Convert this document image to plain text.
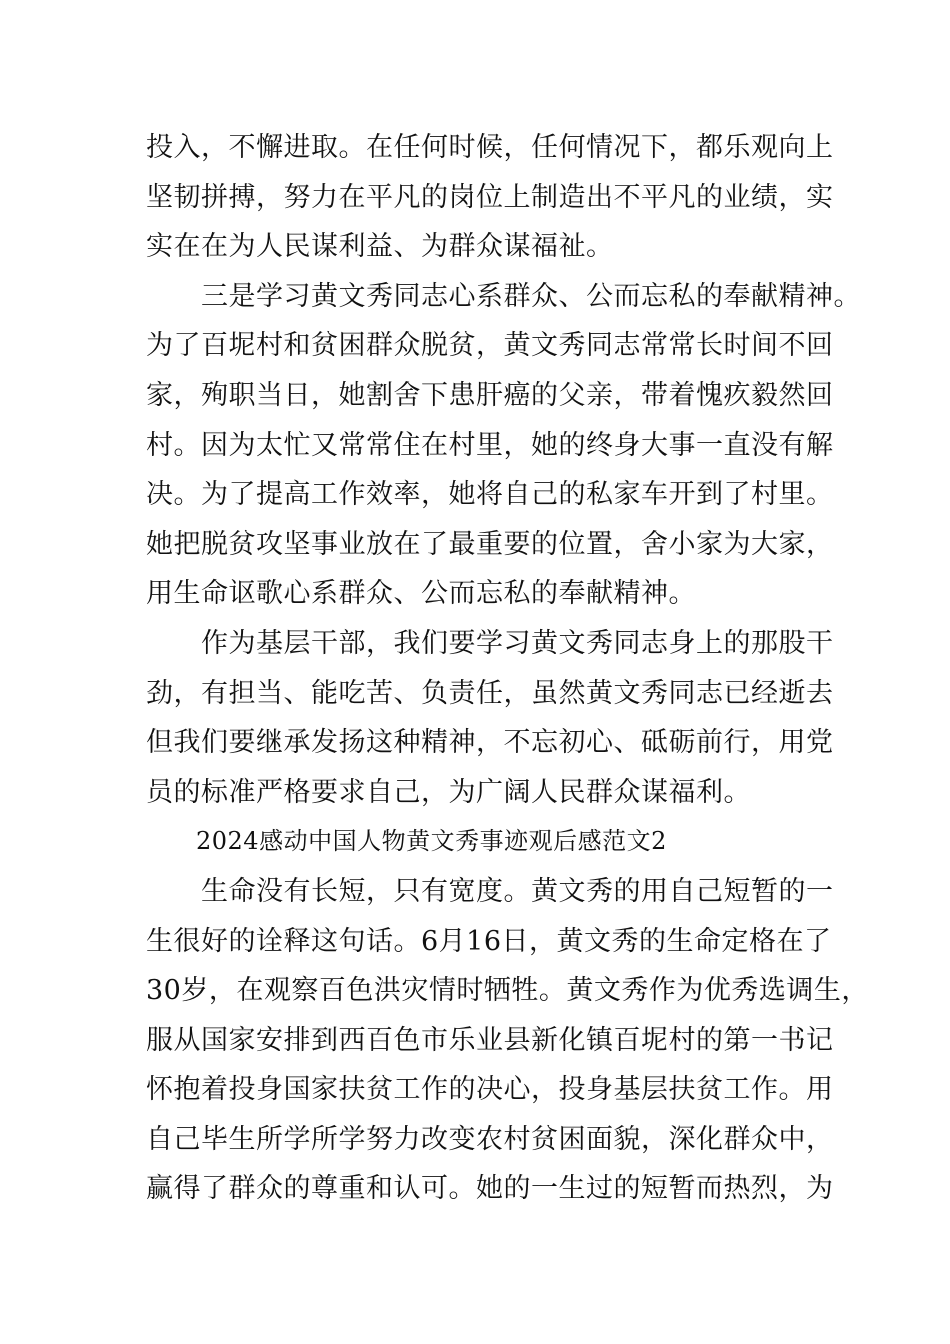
投入，不懈进取。在任何时候，任何情况下，都乐观向上
坚韧拼搏，努力在平凡的岗位上制造出不平凡的业绩，实
实在在为人民谋利益、为群众谋福祉。
三是学习黄文秀同志心系群众、公而忘私的奉献精神。
为了百坭村和贫困群众脱贫，黄文秀同志常常长时间不回
家，殉职当日，她割舍下患肝癌的父亲，带着愧疚毅然回
村。因为太忙又常常住在村里，她的终身大事一直没有解
决。为了提高工作效率，她将自己的私家车开到了村里。
她把脱贫攻坚事业放在了最重要的位置，舍小家为大家，
用生命讴歌心系群众、公而忘私的奉献精神。
作为基层干部，我们要学习黄文秀同志身上的那股干
劲，有担当、能吃苦、负责任，虽然黄文秀同志已经逝去
但我们要继承发扬这种精神，不忘初心、砥砺前行，用党
员的标准严格要求自己，为广阔人民群众谋福利。
2024感动中国人物黄文秀事迹观后感范文2
生命没有长短，只有宽度。黄文秀的用自己短暂的一
生很好的诠释这句话。6月16日，黄文秀的生命定格在了
30岁，在观察百色洪灾情时牺牲。黄文秀作为优秀选调生，
服从国家安排到西百色市乐业县新化镇百坭村的第一书记
怀抱着投身国家扶贫工作的决心，投身基层扶贫工作。用
自己毕生所学所学努力改变农村贫困面貌，深化群众中，
赢得了群众的尊重和认可。她的一生过的短暂而热烈，为
